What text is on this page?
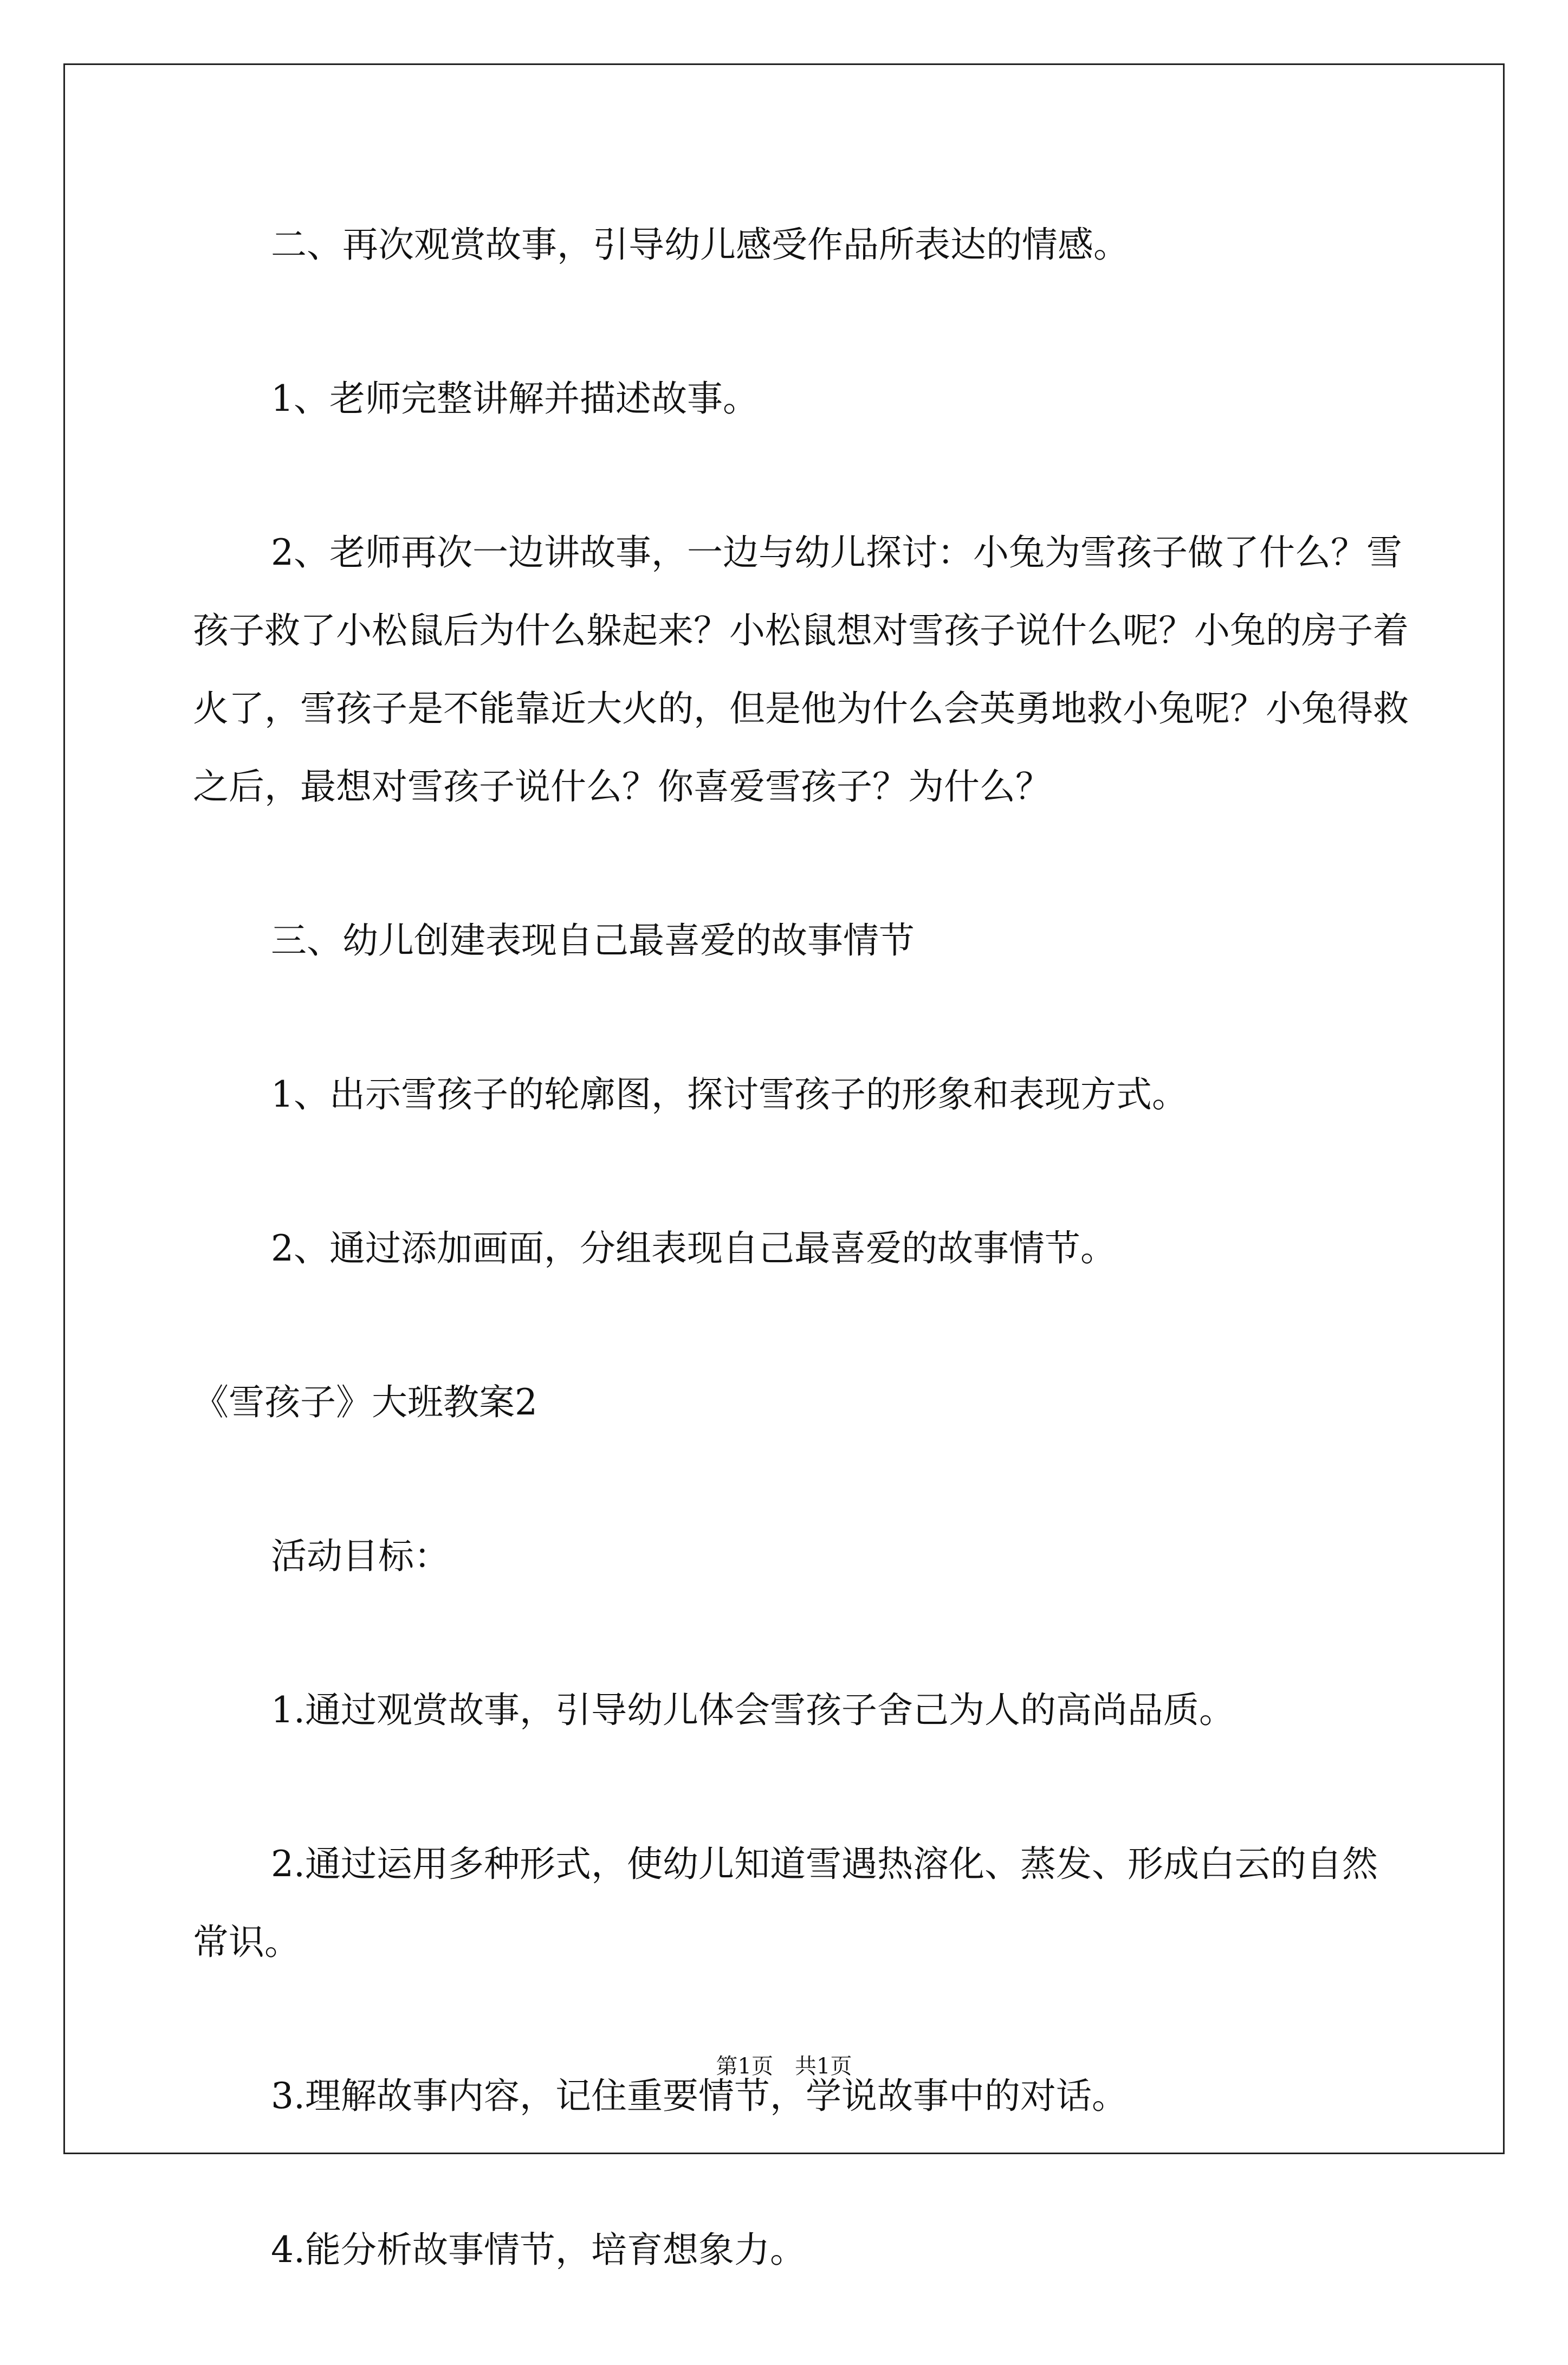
二、再次观赏故事，引导幼儿感受作品所表达的情感。

1、老师完整讲解并描述故事。

2、老师再次一边讲故事，一边与幼儿探讨：小兔为雪孩子做了什么？雪孩子救了小松鼠后为什么躲起来？小松鼠想对雪孩子说什么呢？小兔的房子着火了，雪孩子是不能靠近大火的，但是他为什么会英勇地救小兔呢？小兔得救之后，最想对雪孩子说什么？你喜爱雪孩子？为什么？

三、幼儿创建表现自己最喜爱的故事情节

1、出示雪孩子的轮廓图，探讨雪孩子的形象和表现方式。

2、通过添加画面，分组表现自己最喜爱的故事情节。

《雪孩子》大班教案2

活动目标：

1.通过观赏故事，引导幼儿体会雪孩子舍己为人的高尚品质。

2.通过运用多种形式，使幼儿知道雪遇热溶化、蒸发、形成白云的自然常识。

3.理解故事内容，记住重要情节，学说故事中的对话。

4.能分析故事情节，培育想象力。

第1页 共1页
